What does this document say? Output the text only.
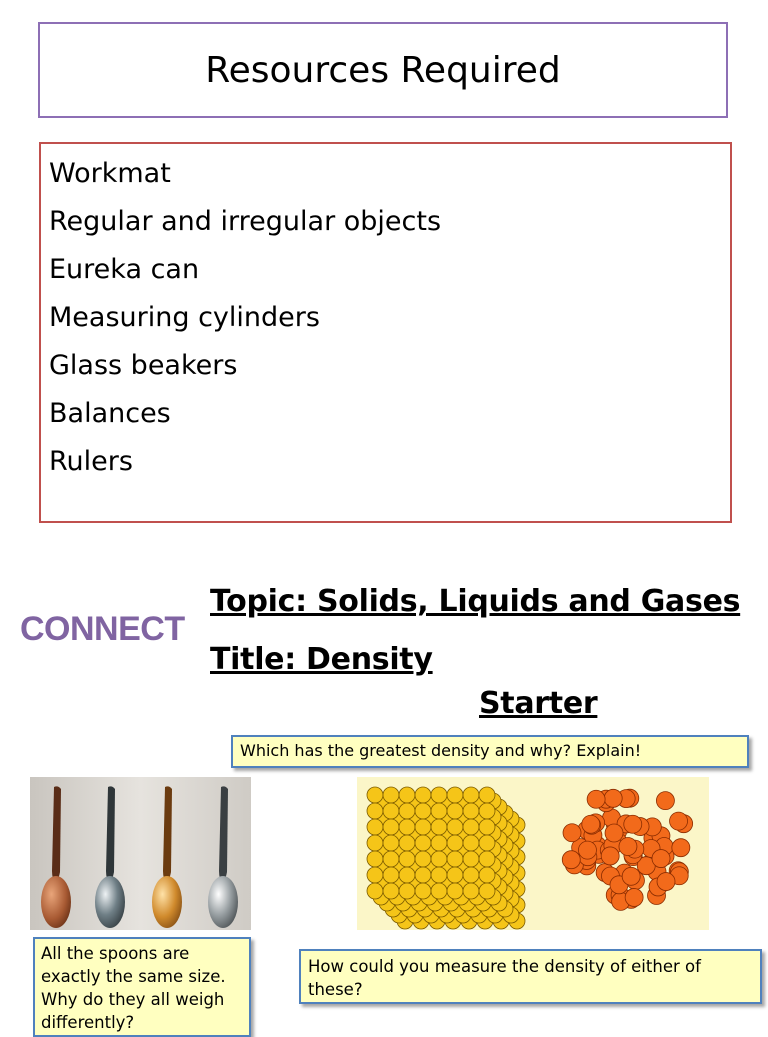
Resources Required
Workmat
Regular and irregular objects
Eureka can
Measuring cylinders
Glass beakers
Balances
Rulers
CONNECT
Topic: Solids, Liquids and Gases
Title: Density
Starter
Which has the greatest density and why? Explain!
All the spoons are exactly the same size. Why do they all weigh differently?
How could you measure the density of either of these?
